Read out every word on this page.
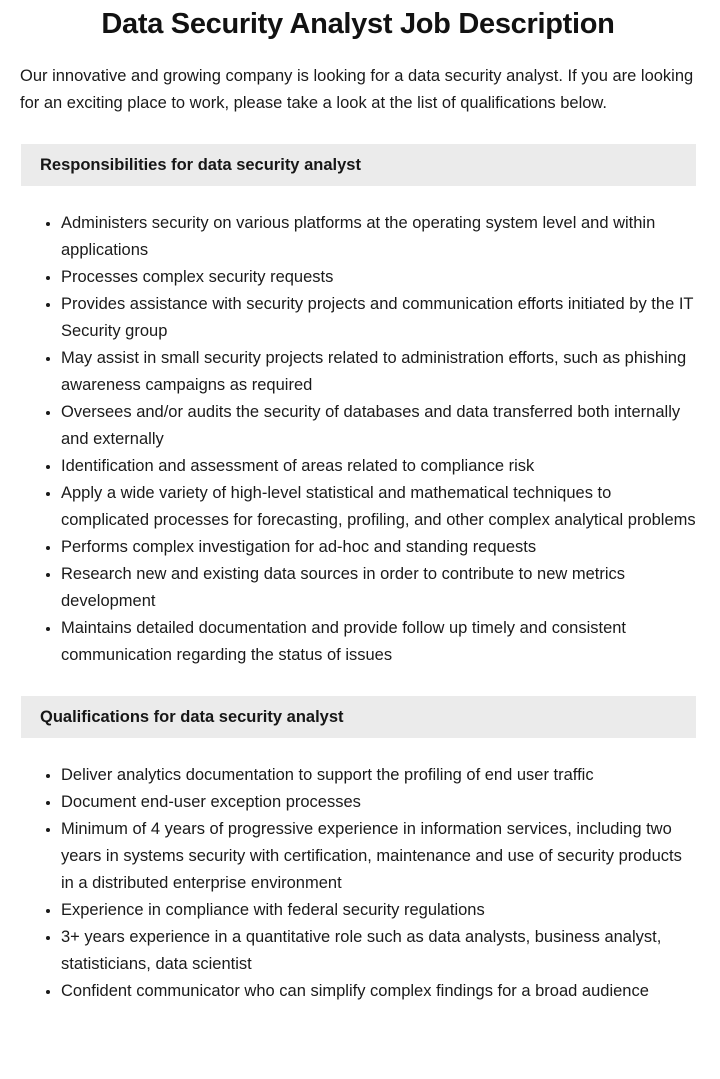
Data Security Analyst Job Description

Our innovative and growing company is looking for a data security analyst. If you are looking for an exciting place to work, please take a look at the list of qualifications below.

Responsibilities for data security analyst
• Administers security on various platforms at the operating system level and within applications
• Processes complex security requests
• Provides assistance with security projects and communication efforts initiated by the IT Security group
• May assist in small security projects related to administration efforts, such as phishing awareness campaigns as required
• Oversees and/or audits the security of databases and data transferred both internally and externally
• Identification and assessment of areas related to compliance risk
• Apply a wide variety of high-level statistical and mathematical techniques to complicated processes for forecasting, profiling, and other complex analytical problems
• Performs complex investigation for ad-hoc and standing requests
• Research new and existing data sources in order to contribute to new metrics development
• Maintains detailed documentation and provide follow up timely and consistent communication regarding the status of issues
Qualifications for data security analyst
• Deliver analytics documentation to support the profiling of end user traffic
• Document end-user exception processes
• Minimum of 4 years of progressive experience in information services, including two years in systems security with certification, maintenance and use of security products in a distributed enterprise environment
• Experience in compliance with federal security regulations
• 3+ years experience in a quantitative role such as data analysts, business analyst, statisticians, data scientist
• Confident communicator who can simplify complex findings for a broad audience
